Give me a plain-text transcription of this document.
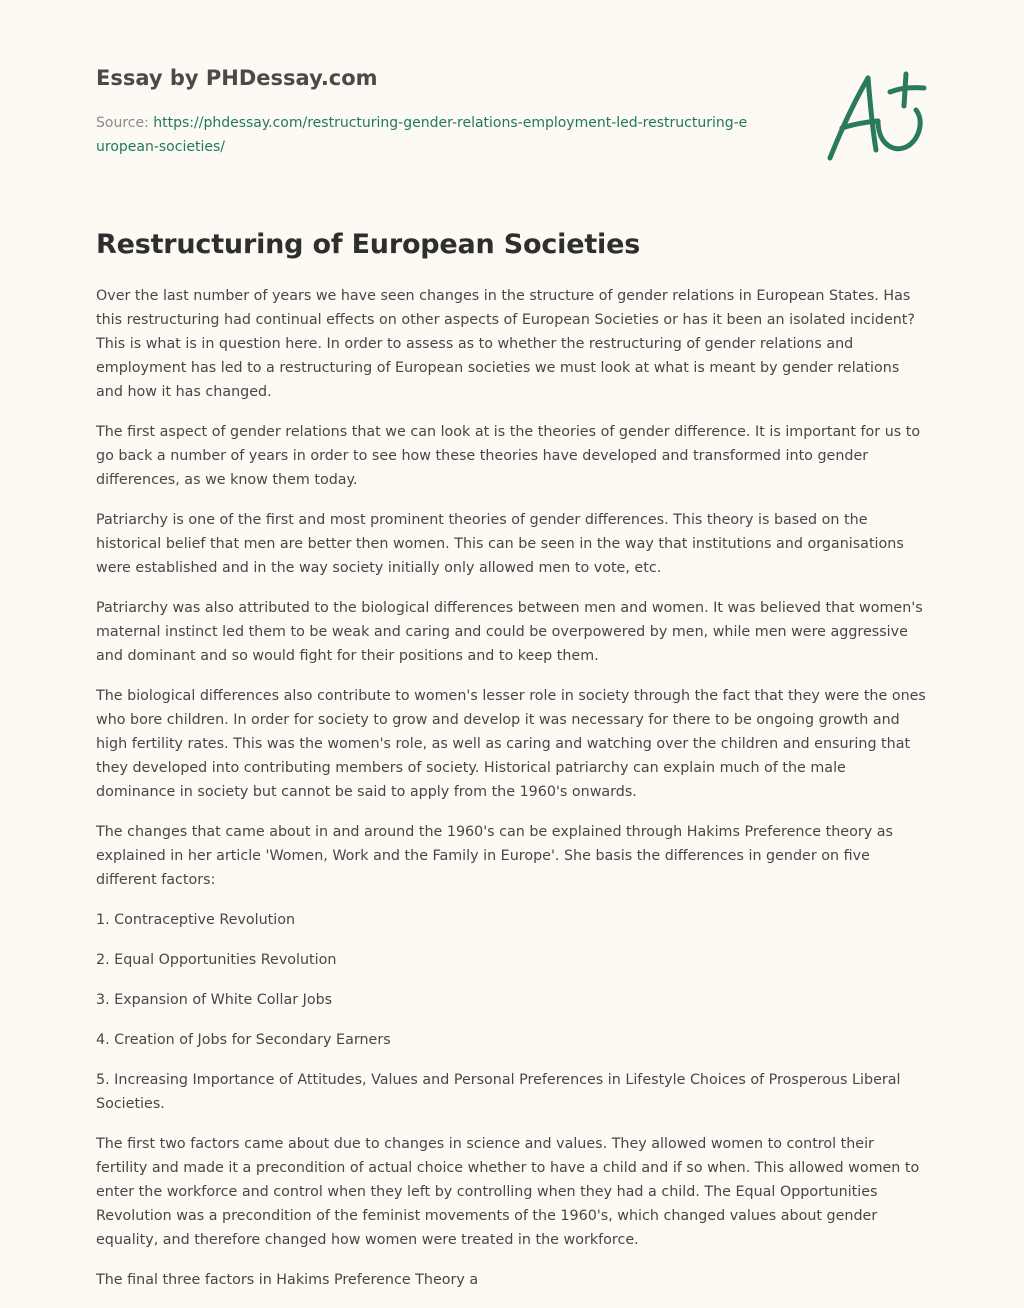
Essay by PHDessay.com
Source: https://phdessay.com/restructuring-gender-relations-employment-led-restructuring-european-societies/
Restructuring of European Societies

Over the last number of years we have seen changes in the structure of gender relations in European States. Has this restructuring had continual effects on other aspects of European Societies or has it been an isolated incident? This is what is in question here. In order to assess as to whether the restructuring of gender relations and employment has led to a restructuring of European societies we must look at what is meant by gender relations and how it has changed.

The first aspect of gender relations that we can look at is the theories of gender difference. It is important for us to go back a number of years in order to see how these theories have developed and transformed into gender differences, as we know them today.

Patriarchy is one of the first and most prominent theories of gender differences. This theory is based on the historical belief that men are better then women. This can be seen in the way that institutions and organisations were established and in the way society initially only allowed men to vote, etc.

Patriarchy was also attributed to the biological differences between men and women. It was believed that women's maternal instinct led them to be weak and caring and could be overpowered by men, while men were aggressive and dominant and so would fight for their positions and to keep them.

The biological differences also contribute to women's lesser role in society through the fact that they were the ones who bore children. In order for society to grow and develop it was necessary for there to be ongoing growth and high fertility rates. This was the women's role, as well as caring and watching over the children and ensuring that they developed into contributing members of society. Historical patriarchy can explain much of the male dominance in society but cannot be said to apply from the 1960's onwards.

The changes that came about in and around the 1960's can be explained through Hakims Preference theory as explained in her article 'Women, Work and the Family in Europe'. She basis the differences in gender on five different factors:

1. Contraceptive Revolution

2. Equal Opportunities Revolution

3. Expansion of White Collar Jobs

4. Creation of Jobs for Secondary Earners

5. Increasing Importance of Attitudes, Values and Personal Preferences in Lifestyle Choices of Prosperous Liberal Societies.

The first two factors came about due to changes in science and values. They allowed women to control their fertility and made it a precondition of actual choice whether to have a child and if so when. This allowed women to enter the workforce and control when they left by controlling when they had a child. The Equal Opportunities Revolution was a precondition of the feminist movements of the 1960's, which changed values about gender equality, and therefore changed how women were treated in the workforce.

The final three factors in Hakims Preference Theory a
